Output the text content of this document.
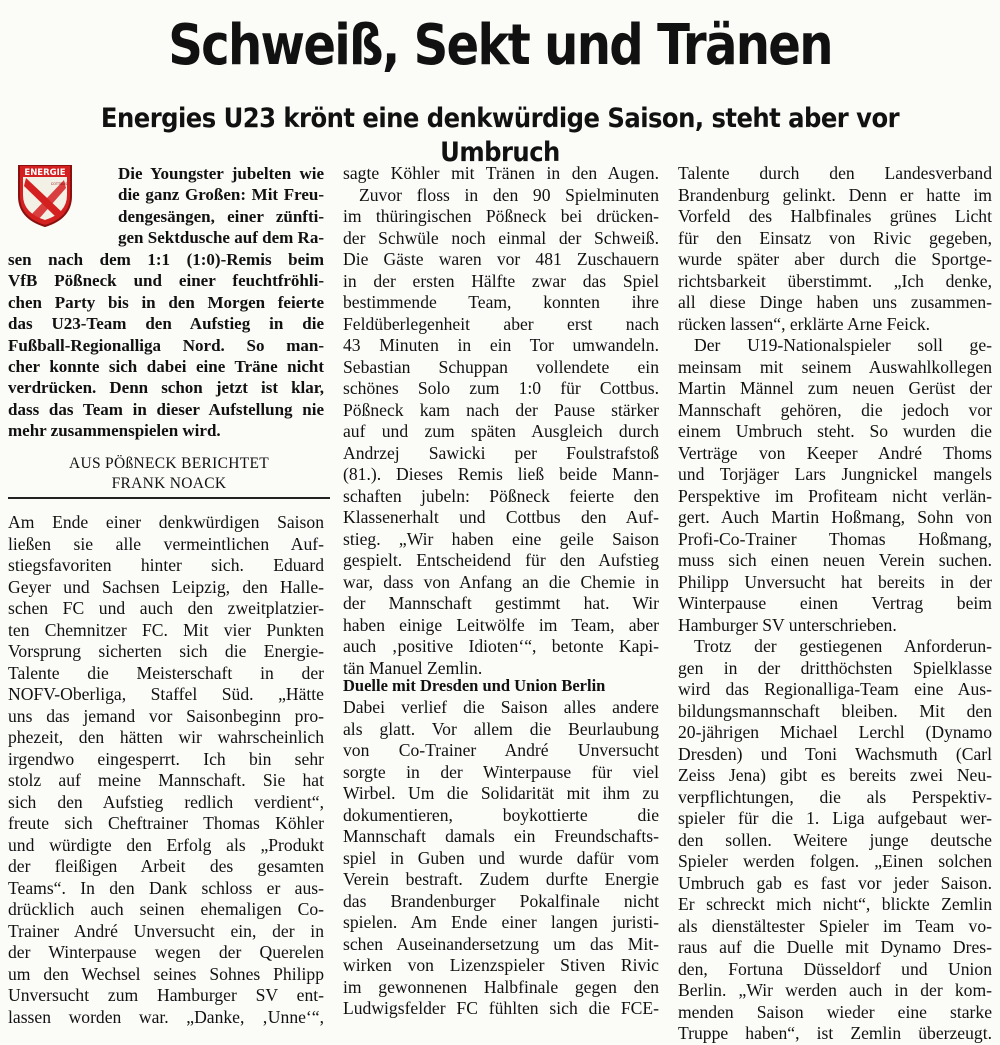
Schweiß, Sekt und Tränen
Energies U23 krönt eine denkwürdige Saison, steht aber vor Umbruch
ENERGIE
COTTBUS
Die Youngster jubelten wie
die ganz Großen: Mit Freu-
dengesängen, einer zünfti-
gen Sektdusche auf dem Ra-
sen nach dem 1:1 (1:0)-Remis beim
VfB Pößneck und einer feuchtfröhli-
chen Party bis in den Morgen feierte
das U23-Team den Aufstieg in die
Fußball-Regionalliga Nord. So man-
cher konnte sich dabei eine Träne nicht
verdrücken. Denn schon jetzt ist klar,
dass das Team in dieser Aufstellung nie
mehr zusammenspielen wird.
AUS PÖßNECK BERICHTET
FRANK NOACK
Am Ende einer denkwürdigen Saison
ließen sie alle vermeintlichen Auf-
stiegsfavoriten hinter sich. Eduard
Geyer und Sachsen Leipzig, den Halle-
schen FC und auch den zweitplatzier-
ten Chemnitzer FC. Mit vier Punkten
Vorsprung sicherten sich die Energie-
Talente die Meisterschaft in der
NOFV-Oberliga, Staffel Süd. „Hätte
uns das jemand vor Saisonbeginn pro-
phezeit, den hätten wir wahrscheinlich
irgendwo eingesperrt. Ich bin sehr
stolz auf meine Mannschaft. Sie hat
sich den Aufstieg redlich verdient“,
freute sich Cheftrainer Thomas Köhler
und würdigte den Erfolg als „Produkt
der fleißigen Arbeit des gesamten
Teams“. In den Dank schloss er aus-
drücklich auch seinen ehemaligen Co-
Trainer André Unversucht ein, der in
der Winterpause wegen der Querelen
um den Wechsel seines Sohnes Philipp
Unversucht zum Hamburger SV ent-
lassen worden war. „Danke, ‚Unne‘“,
sagte Köhler mit Tränen in den Augen.
Zuvor floss in den 90 Spielminuten
im thüringischen Pößneck bei drücken-
der Schwüle noch einmal der Schweiß.
Die Gäste waren vor 481 Zuschauern
in der ersten Hälfte zwar das Spiel
bestimmende Team, konnten ihre
Feldüberlegenheit aber erst nach
43 Minuten in ein Tor umwandeln.
Sebastian Schuppan vollendete ein
schönes Solo zum 1:0 für Cottbus.
Pößneck kam nach der Pause stärker
auf und zum späten Ausgleich durch
Andrzej Sawicki per Foulstrafstoß
(81.). Dieses Remis ließ beide Mann-
schaften jubeln: Pößneck feierte den
Klassenerhalt und Cottbus den Auf-
stieg. „Wir haben eine geile Saison
gespielt. Entscheidend für den Aufstieg
war, dass von Anfang an die Chemie in
der Mannschaft gestimmt hat. Wir
haben einige Leitwölfe im Team, aber
auch ‚positive Idioten‘“, betonte Kapi-
tän Manuel Zemlin.
Duelle mit Dresden und Union Berlin
Dabei verlief die Saison alles andere
als glatt. Vor allem die Beurlaubung
von Co-Trainer André Unversucht
sorgte in der Winterpause für viel
Wirbel. Um die Solidarität mit ihm zu
dokumentieren, boykottierte die
Mannschaft damals ein Freundschafts-
spiel in Guben und wurde dafür vom
Verein bestraft. Zudem durfte Energie
das Brandenburger Pokalfinale nicht
spielen. Am Ende einer langen juristi-
schen Auseinandersetzung um das Mit-
wirken von Lizenzspieler Stiven Rivic
im gewonnenen Halbfinale gegen den
Ludwigsfelder FC fühlten sich die FCE-
Talente durch den Landesverband
Brandenburg gelinkt. Denn er hatte im
Vorfeld des Halbfinales grünes Licht
für den Einsatz von Rivic gegeben,
wurde später aber durch die Sportge-
richtsbarkeit überstimmt. „Ich denke,
all diese Dinge haben uns zusammen-
rücken lassen“, erklärte Arne Feick.
Der U19-Nationalspieler soll ge-
meinsam mit seinem Auswahlkollegen
Martin Männel zum neuen Gerüst der
Mannschaft gehören, die jedoch vor
einem Umbruch steht. So wurden die
Verträge von Keeper André Thoms
und Torjäger Lars Jungnickel mangels
Perspektive im Profiteam nicht verlän-
gert. Auch Martin Hoßmang, Sohn von
Profi-Co-Trainer Thomas Hoßmang,
muss sich einen neuen Verein suchen.
Philipp Unversucht hat bereits in der
Winterpause einen Vertrag beim
Hamburger SV unterschrieben.
Trotz der gestiegenen Anforderun-
gen in der dritthöchsten Spielklasse
wird das Regionalliga-Team eine Aus-
bildungsmannschaft bleiben. Mit den
20-jährigen Michael Lerchl (Dynamo
Dresden) und Toni Wachsmuth (Carl
Zeiss Jena) gibt es bereits zwei Neu-
verpflichtungen, die als Perspektiv-
spieler für die 1. Liga aufgebaut wer-
den sollen. Weitere junge deutsche
Spieler werden folgen. „Einen solchen
Umbruch gab es fast vor jeder Saison.
Er schreckt mich nicht“, blickte Zemlin
als dienstältester Spieler im Team vo-
raus auf die Duelle mit Dynamo Dres-
den, Fortuna Düsseldorf und Union
Berlin. „Wir werden auch in der kom-
menden Saison wieder eine starke
Truppe haben“, ist Zemlin überzeugt.
